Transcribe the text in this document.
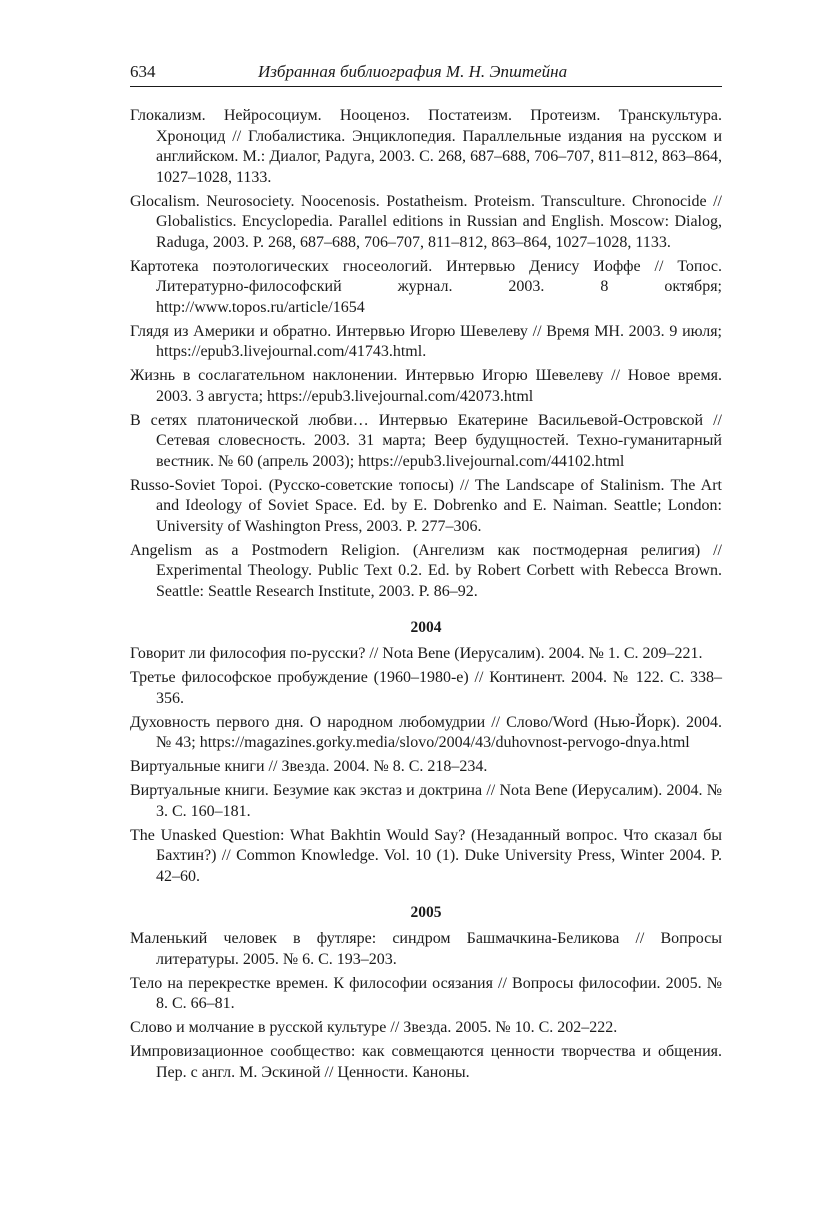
634	Избранная библиография М. Н. Эпштейна

Глокализм. Нейросоциум. Нооценоз. Постатеизм. Протеизм. Транскультура. Хроноцид // Глобалистика. Энциклопедия. Параллельные издания на русском и английском. М.: Диалог, Радуга, 2003. С. 268, 687–688, 706–707, 811–812, 863–864, 1027–1028, 1133.

Glocalism. Neurosociety. Noocenosis. Postatheism. Proteism. Transculture. Chronocide // Globalistics. Encyclopedia. Parallel editions in Russian and English. Moscow: Dialog, Raduga, 2003. P. 268, 687–688, 706–707, 811–812, 863–864, 1027–1028, 1133.

Картотека поэтологических гносеологий. Интервью Денису Иоффе // Топос. Литературно-философский журнал. 2003. 8 октября; http://www.topos.ru/article/1654

Глядя из Америки и обратно. Интервью Игорю Шевелеву // Время МН. 2003. 9 июля; https://epub3.livejournal.com/41743.html.

Жизнь в сослагательном наклонении. Интервью Игорю Шевелеву // Новое время. 2003. 3 августа; https://epub3.livejournal.com/42073.html

В сетях платонической любви… Интервью Екатерине Васильевой-Островской // Сетевая словесность. 2003. 31 марта; Веер будущностей. Техно-гуманитарный вестник. № 60 (апрель 2003); https://epub3.livejournal.com/44102.html

Russo-Soviet Topoi. (Русско-советские топосы) // The Landscape of Stalinism. The Art and Ideology of Soviet Space. Ed. by E. Dobrenko and E. Naiman. Seattle; London: University of Washington Press, 2003. P. 277–306.

Angelism as a Postmodern Religion. (Ангелизм как постмодерная религия) // Experimental Theology. Public Text 0.2. Ed. by Robert Corbett with Rebecca Brown. Seattle: Seattle Research Institute, 2003. P. 86–92.

2004

Говорит ли философия по-русски? // Nota Bene (Иерусалим). 2004. № 1. С. 209–221.

Третье философское пробуждение (1960–1980-е) // Континент. 2004. № 122. С. 338–356.

Духовность первого дня. О народном любомудрии // Слово/Word (Нью-Йорк). 2004. № 43; https://magazines.gorky.media/slovo/2004/43/duhovnost-pervogo-dnya.html

Виртуальные книги // Звезда. 2004. № 8. С. 218–234.

Виртуальные книги. Безумие как экстаз и доктрина // Nota Bene (Иерусалим). 2004. № 3. С. 160–181.

The Unasked Question: What Bakhtin Would Say? (Незаданный вопрос. Что сказал бы Бахтин?) // Common Knowledge. Vol. 10 (1). Duke University Press, Winter 2004. P. 42–60.

2005

Маленький человек в футляре: синдром Башмачкина-Беликова // Вопросы литературы. 2005. № 6. С. 193–203.

Тело на перекрестке времен. К философии осязания // Вопросы философии. 2005. № 8. С. 66–81.

Слово и молчание в русской культуре // Звезда. 2005. № 10. С. 202–222.

Импровизационное сообщество: как совмещаются ценности творчества и общения. Пер. с англ. М. Эскиной // Ценности. Каноны.
